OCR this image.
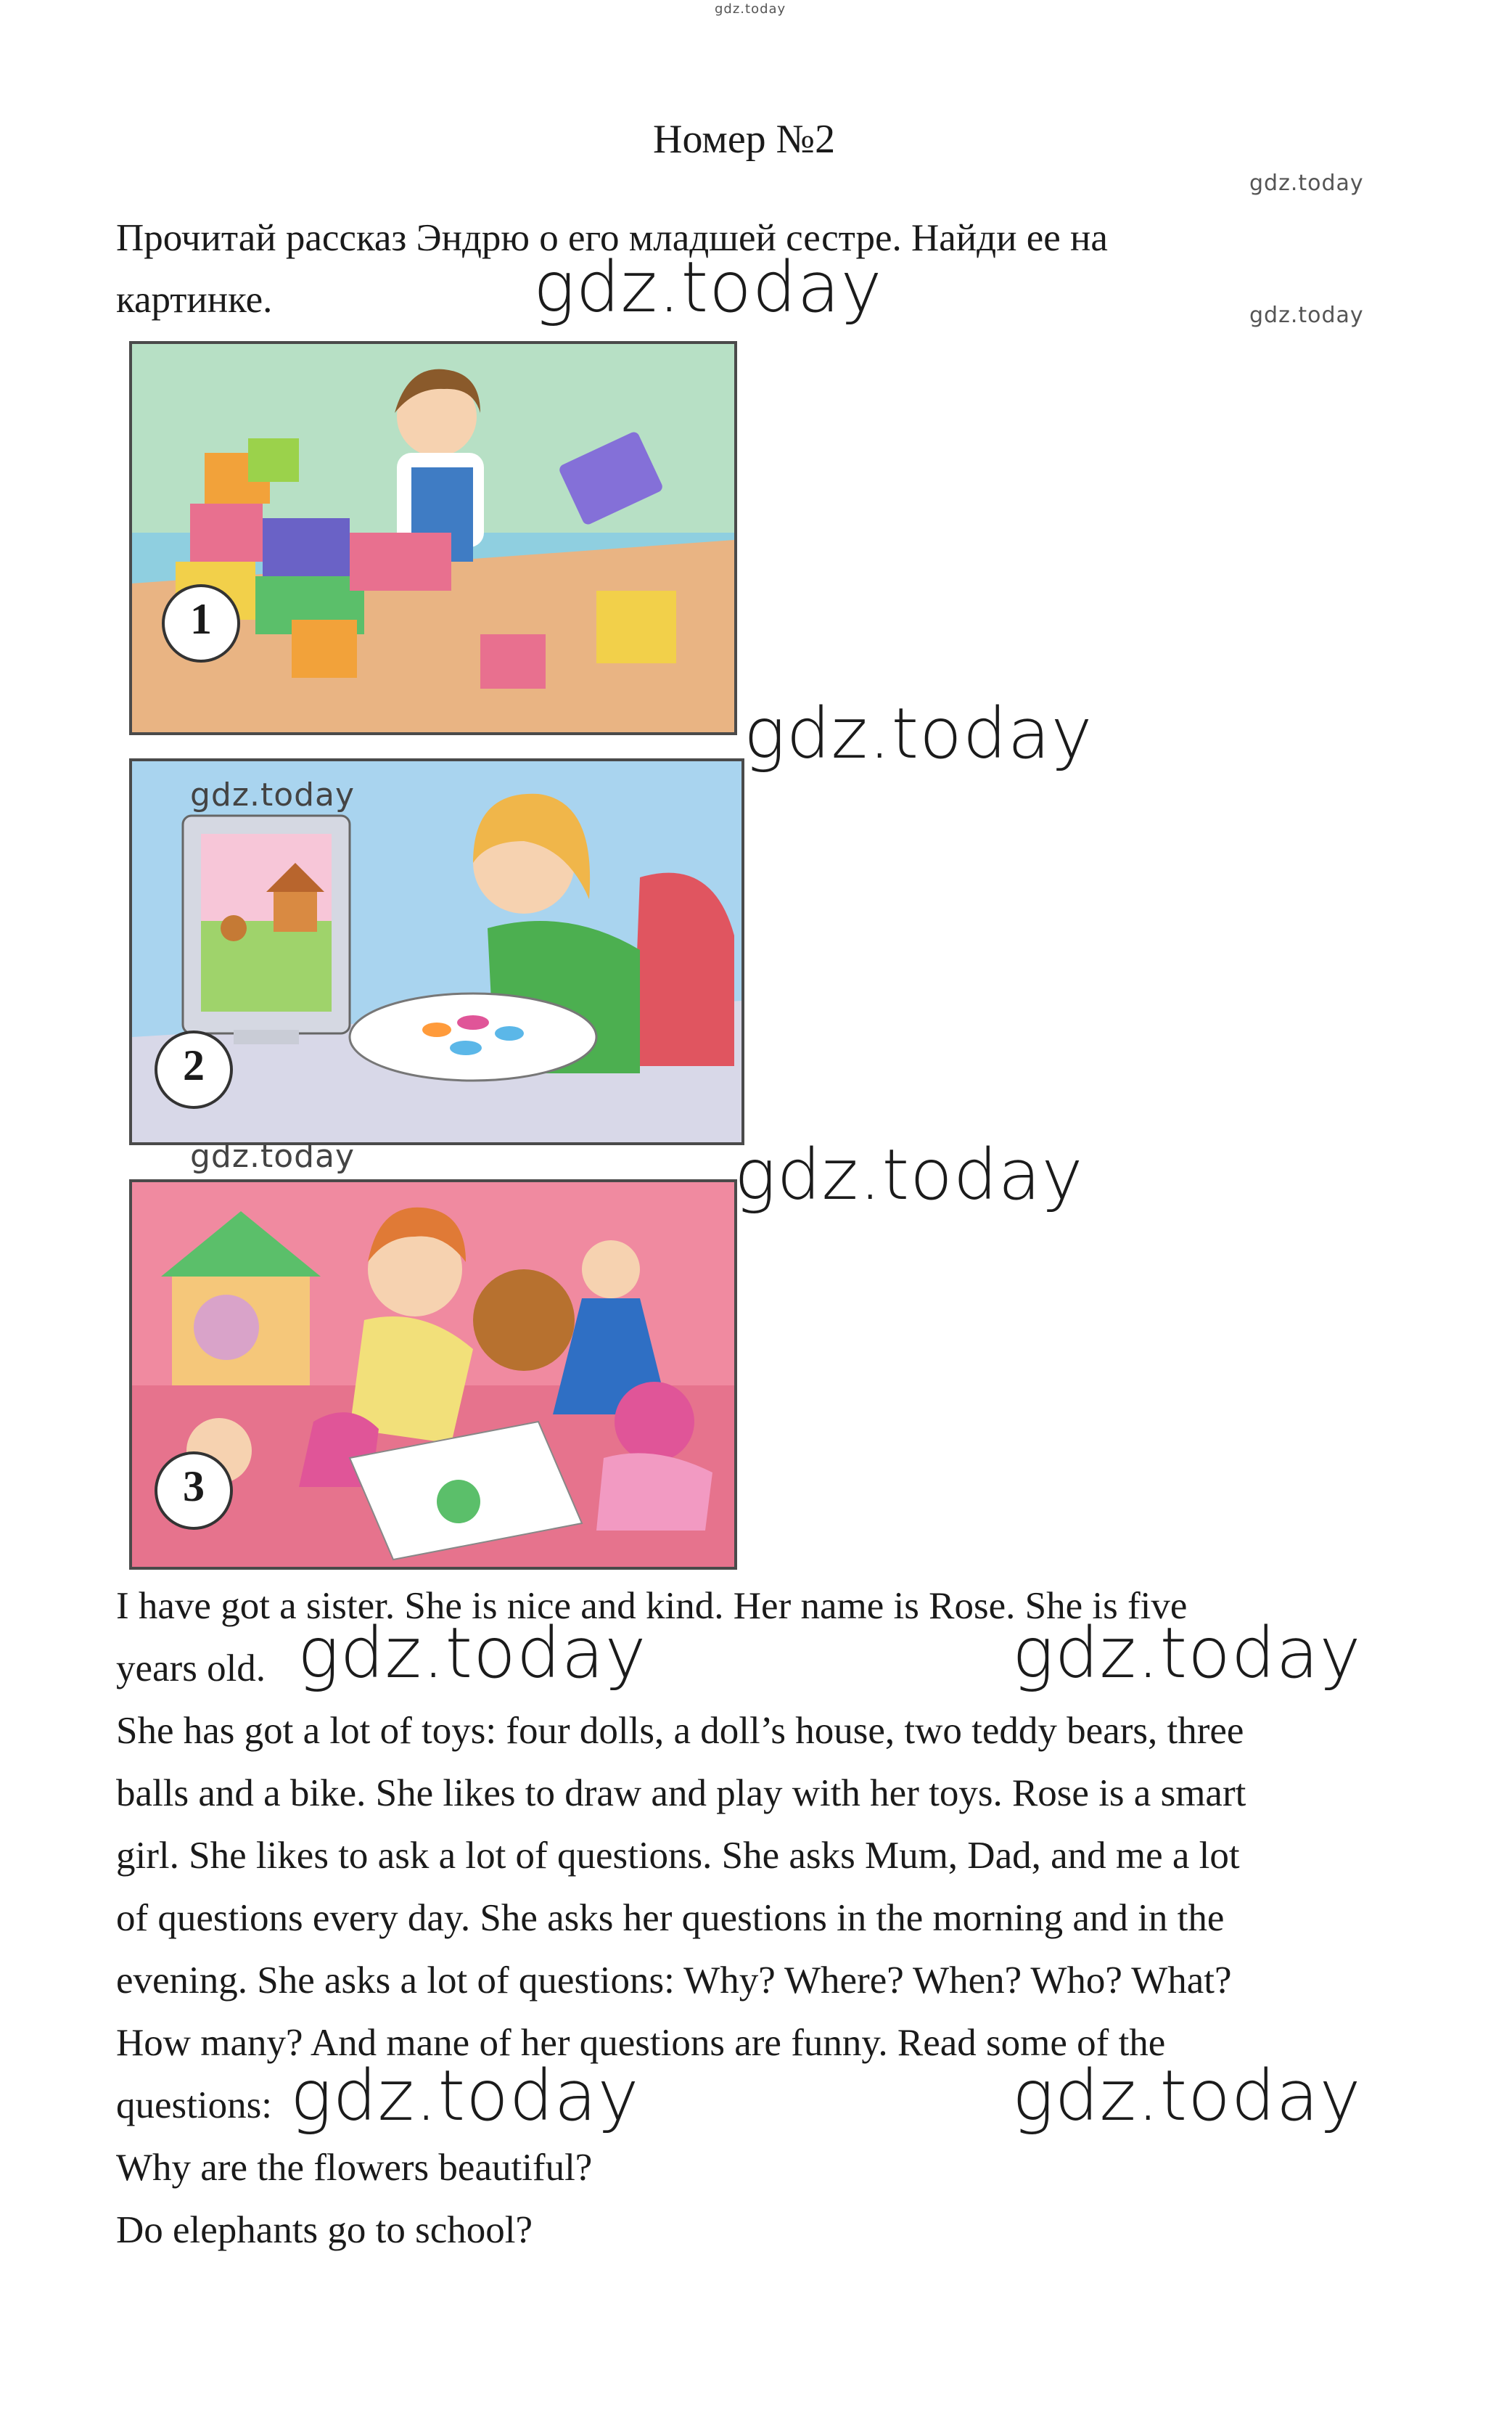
gdz.today
Номер №2
gdz.today
gdz.today
Прочитай рассказ Эндрю о его младшей сестре. Найди ее на
картинке.	gdz.today
1
gdz.today
2
gdz.today
gdz.today	gdz.today
3
I have got a sister. She is nice and kind. Her name is Rose. She is five
years old. gdz.today	gdz.today
She has got a lot of toys: four dolls, a doll’s house, two teddy bears, three
balls and a bike. She likes to draw and play with her toys. Rose is a smart
girl. She likes to ask a lot of questions. She asks Mum, Dad, and me a lot
of questions every day. She asks her questions in the morning and in the
evening. She asks a lot of questions: Why? Where? When? Who? What?
How many? And mane of her questions are funny. Read some of the
questions: gdz.today	gdz.today
Why are the flowers beautiful?
Do elephants go to school?
